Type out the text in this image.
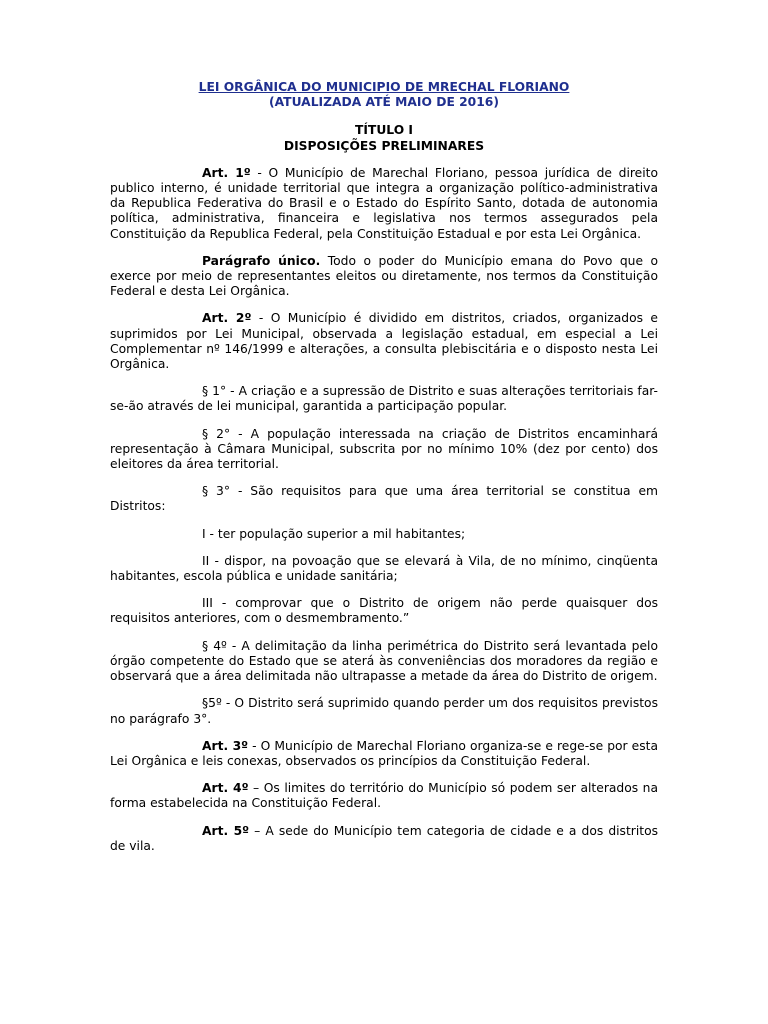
LEI ORGÂNICA DO MUNICIPIO DE MRECHAL FLORIANO
(ATUALIZADA ATÉ MAIO DE 2016)
TÍTULO I
DISPOSIÇÕES PRELIMINARES

Art. 1º - O Município de Marechal Floriano, pessoa jurídica de direito publico interno, é unidade territorial que integra a organização político-administrativa da Republica Federativa do Brasil e o Estado do Espírito Santo, dotada de autonomia política, administrativa, financeira e legislativa nos termos assegurados pela Constituição da Republica Federal, pela Constituição Estadual e por esta Lei Orgânica.

Parágrafo único. Todo o poder do Município emana do Povo que o exerce por meio de representantes eleitos ou diretamente, nos termos da Constituição Federal e desta Lei Orgânica.

Art. 2º - O Município é dividido em distritos, criados, organizados e suprimidos por Lei Municipal, observada a legislação estadual, em especial a Lei Complementar nº 146/1999 e alterações, a consulta plebiscitária e o disposto nesta Lei Orgânica.

§ 1° - A criação e a supressão de Distrito e suas alterações territoriais far-se-ão através de lei municipal, garantida a participação popular.

§ 2° - A população interessada na criação de Distritos encaminhará representação à Câmara Municipal, subscrita por no mínimo 10% (dez por cento) dos eleitores da área territorial.

§ 3° - São requisitos para que uma área territorial se constitua em Distritos:

I - ter população superior a mil habitantes;

II - dispor, na povoação que se elevará à Vila, de no mínimo, cinqüenta habitantes, escola pública e unidade sanitária;

III - comprovar que o Distrito de origem não perde quaisquer dos requisitos anteriores, com o desmembramento.”

§ 4º - A delimitação da linha perimétrica do Distrito será levantada pelo órgão competente do Estado que se aterá às conveniências dos moradores da região e observará que a área delimitada não ultrapasse a metade da área do Distrito de origem.

§5º - O Distrito será suprimido quando perder um dos requisitos previstos no parágrafo 3°.

Art. 3º - O Município de Marechal Floriano organiza-se e rege-se por esta Lei Orgânica e leis conexas, observados os princípios da Constituição Federal.

Art. 4º – Os limites do território do Município só podem ser alterados na forma estabelecida na Constituição Federal.

Art. 5º – A sede do Município tem categoria de cidade e a dos distritos de vila.
